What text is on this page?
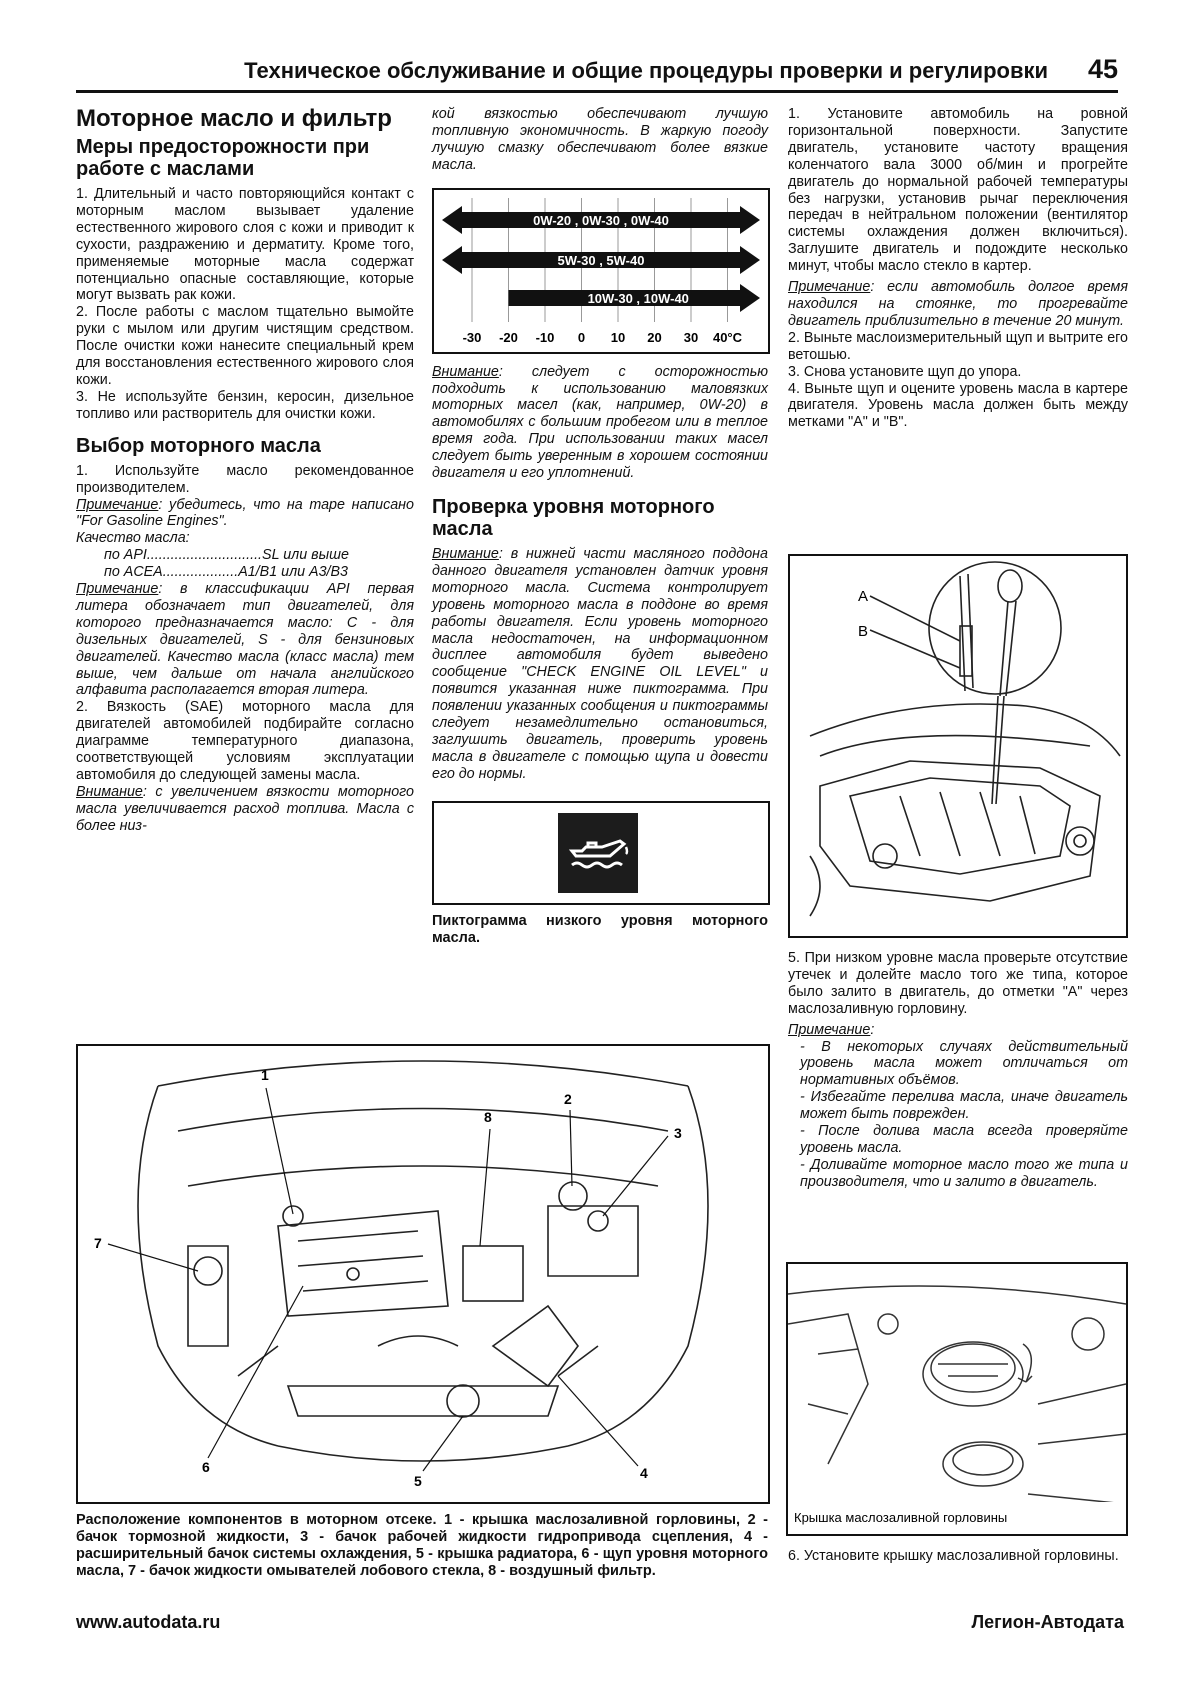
Техническое обслуживание и общие процедуры проверки и регулировки 45
Моторное масло и фильтр
Меры предосторожности при работе с маслами

1. Длительный и часто повторяющийся контакт с моторным маслом вызывает удаление естественного жирового слоя с кожи и приводит к сухости, раздражению и дерматиту. Кроме того, применяемые моторные масла содержат потенциально опасные составляющие, которые могут вызвать рак кожи.

2. После работы с маслом тщательно вымойте руки с мылом или другим чистящим средством. После очистки кожи нанесите специальный крем для восстановления естественного жирового слоя кожи.

3. Не используйте бензин, керосин, дизельное топливо или растворитель для очистки кожи.

Выбор моторного масла

1. Используйте масло рекомендованное производителем.

Примечание: убедитесь, что на таре написано "For Gasoline Engines".

Качество масла:

по API.............................SL или выше

по ACEA...................A1/B1 или A3/B3

Примечание: в классификации API первая литера обозначает тип двигателей, для которого предназначается масло: С - для дизельных двигателей, S - для бензиновых двигателей. Качество масла (класс масла) тем выше, чем дальше от начала английского алфавита располагается вторая литера.

2. Вязкость (SAE) моторного масла для двигателей автомобилей подбирайте согласно диаграмме температурного диапазона, соответствующей условиям эксплуатации автомобиля до следующей замены масла.

Внимание: с увеличением вязкости моторного масла увеличивается расход топлива. Масла с более низ-

кой вязкостью обеспечивают лучшую топливную экономичность. В жаркую погоду лучшую смазку обеспечивают более вязкие масла.

0W-20 , 0W-30 , 0W-40
5W-30 , 5W-40
10W-30 , 10W-40
-30 -20 -10 0 10 20 30 40°C

Внимание: следует с осторожностью подходить к использованию маловязких моторных масел (как, например, 0W-20) в автомобилях с большим пробегом или в теплое время года. При использовании таких масел следует быть уверенным в хорошем состоянии двигателя и его уплотнений.

Проверка уровня моторного масла

Внимание: в нижней части масляного поддона данного двигателя установлен датчик уровня моторного масла. Система контролирует уровень моторного масла в поддоне во время работы двигателя. Если уровень моторного масла недостаточен, на информационном дисплее автомобиля будет выведено сообщение "CHECK ENGINE OIL LEVEL" и появится указанная ниже пиктограмма. При появлении указанных сообщения и пиктограммы следует незамедлительно остановиться, заглушить двигатель, проверить уровень масла в двигателе с помощью щупа и довести его до нормы.

Пиктограмма низкого уровня моторного масла.

1. Установите автомобиль на ровной горизонтальной поверхности. Запустите двигатель, установите частоту вращения коленчатого вала 3000 об/мин и прогрейте двигатель до нормальной рабочей температуры без нагрузки, установив рычаг переключения передач в нейтральном положении (вентилятор системы охлаждения должен включиться). Заглушите двигатель и подождите несколько минут, чтобы масло стекло в картер.

Примечание: если автомобиль долгое время находился на стоянке, то прогревайте двигатель приблизительно в течение 20 минут.

2. Выньте маслоизмерительный щуп и вытрите его ветошью.

3. Снова установите щуп до упора.

4. Выньте щуп и оцените уровень масла в картере двигателя. Уровень масла должен быть между метками "A" и "B".

A
B

5. При низком уровне масла проверьте отсутствие утечек и долейте масло того же типа, которое было залито в двигатель, до отметки "A" через маслозаливную горловину.

Примечание:

- В некоторых случаях действительный уровень масла может отличаться от нормативных объёмов.

- Избегайте перелива масла, иначе двигатель может быть поврежден.

- После долива масла всегда проверяйте уровень масла.

- Доливайте моторное масло того же типа и производителя, что и залито в двигатель.

Крышка маслозаливной горловины

6. Установите крышку маслозаливной горловины.

1
2
3
4
5
6
7
8
Расположение компонентов в моторном отсеке. 1 - крышка маслозаливной горловины, 2 - бачок тормозной жидкости, 3 - бачок рабочей жидкости гидропривода сцепления, 4 - расширительный бачок системы охлаждения, 5 - крышка радиатора, 6 - щуп уровня моторного масла, 7 - бачок жидкости омывателей лобового стекла, 8 - воздушный фильтр.
www.autodata.ru	Легион-Автодата
